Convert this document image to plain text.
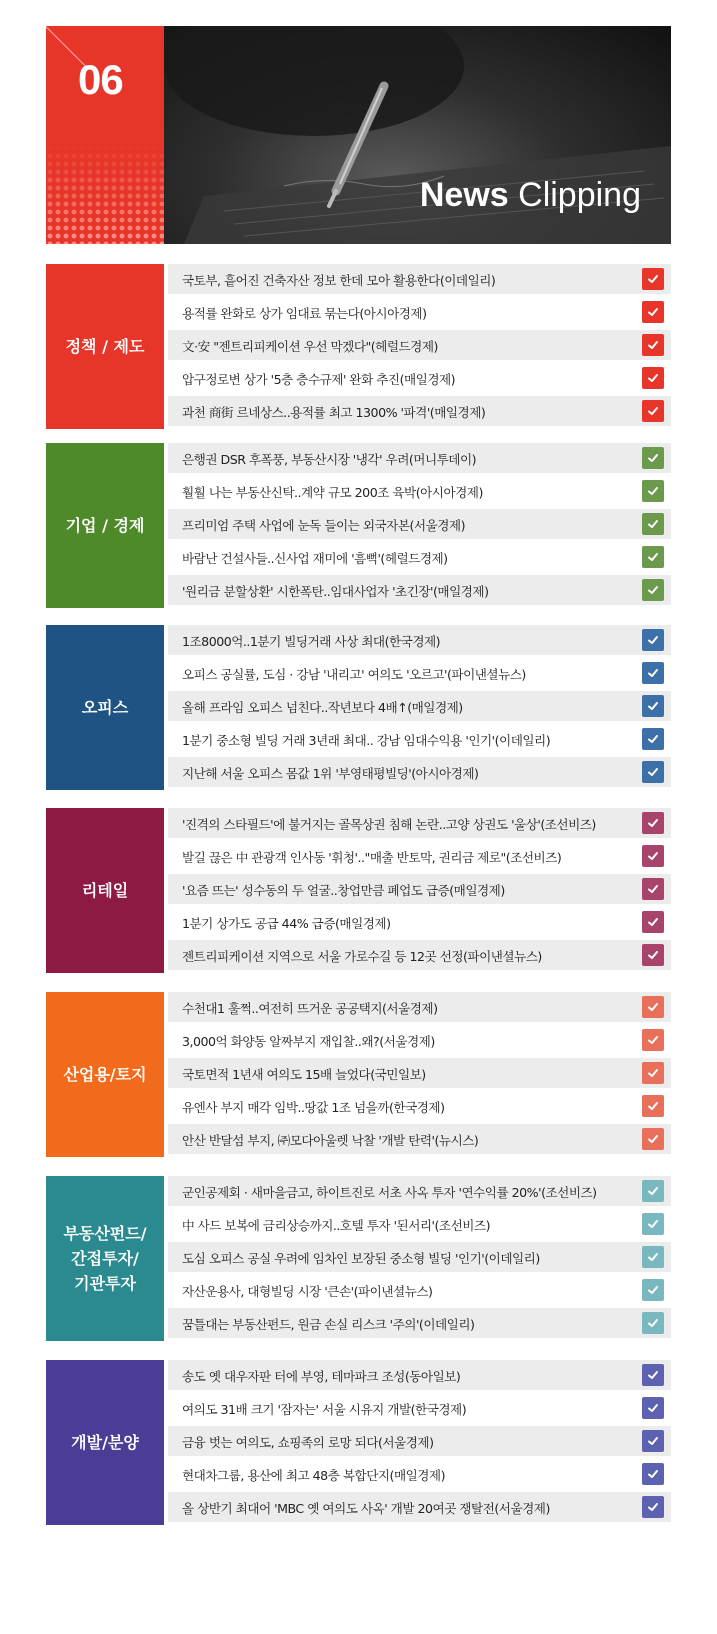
06
News Clipping
정책 / 제도
국토부, 흩어진 건축자산 정보 한데 모아 활용한다(이데일리)
용적률 완화로 상가 임대료 묶는다(아시아경제)
文·安 "젠트리피케이션 우선 막겠다"(헤럴드경제)
압구정로변 상가 '5층 층수규제' 완화 추진(매일경제)
과천 商街 르네상스..용적률 최고 1300% '파격'(매일경제)
기업 / 경제
은행권 DSR 후폭풍, 부동산시장 '냉각' 우려(머니투데이)
훨훨 나는 부동산신탁..계약 규모 200조 육박(아시아경제)
프리미엄 주택 사업에 눈독 들이는 외국자본(서울경제)
바람난 건설사들..신사업 재미에 '흠뻑'(헤럴드경제)
'원리금 분할상환' 시한폭탄..임대사업자 '초긴장'(매일경제)
오피스
1조8000억..1분기 빌딩거래 사상 최대(한국경제)
오피스 공실률, 도심 · 강남 '내리고' 여의도 '오르고'(파이낸셜뉴스)
올해 프라임 오피스 넘친다..작년보다 4배↑(매일경제)
1분기 중소형 빌딩 거래 3년래 최대.. 강남 임대수익용 '인기'(이데일리)
지난해 서울 오피스 몸값 1위 '부영태평빌딩'(아시아경제)
리테일
'진격의 스타필드'에 불거지는 골목상권 침해 논란..고양 상권도 '울상'(조선비즈)
발길 끊은 中 관광객 인사동 '휘청'.."매출 반토막, 권리금 제로"(조선비즈)
'요즘 뜨는' 성수동의 두 얼굴..창업만큼 폐업도 급증(매일경제)
1분기 상가도 공급 44% 급증(매일경제)
젠트리피케이션 지역으로 서울 가로수길 등 12곳 선정(파이낸셜뉴스)
산업용/토지
수천대1 훌쩍..여전히 뜨거운 공공택지(서울경제)
3,000억 화양동 알짜부지 재입찰..왜?(서울경제)
국토면적 1년새 여의도 15배 늘었다(국민일보)
유엔사 부지 매각 임박..땅값 1조 넘을까(한국경제)
안산 반달섬 부지, ㈜모다아울렛 낙찰 '개발 탄력'(뉴시스)
부동산펀드/
간접투자/
기관투자
군인공제회 · 새마을금고, 하이트진로 서초 사옥 투자 '연수익률 20%'(조선비즈)
中 사드 보복에 금리상승까지..호텔 투자 '된서리'(조선비즈)
도심 오피스 공실 우려에 임차인 보장된 중소형 빌딩 '인기'(이데일리)
자산운용사, 대형빌딩 시장 '큰손'(파이낸셜뉴스)
꿈틀대는 부동산펀드, 원금 손실 리스크 '주의'(이데일리)
개발/분양
송도 옛 대우자판 터에 부영, 테마파크 조성(동아일보)
여의도 31배 크기 '잠자는' 서울 시유지 개발(한국경제)
금융 벗는 여의도, 쇼핑족의 로망 되다(서울경제)
현대차그룹, 용산에 최고 48층 복합단지(매일경제)
올 상반기 최대어 'MBC 옛 여의도 사옥' 개발 20여곳 쟁탈전(서울경제)
